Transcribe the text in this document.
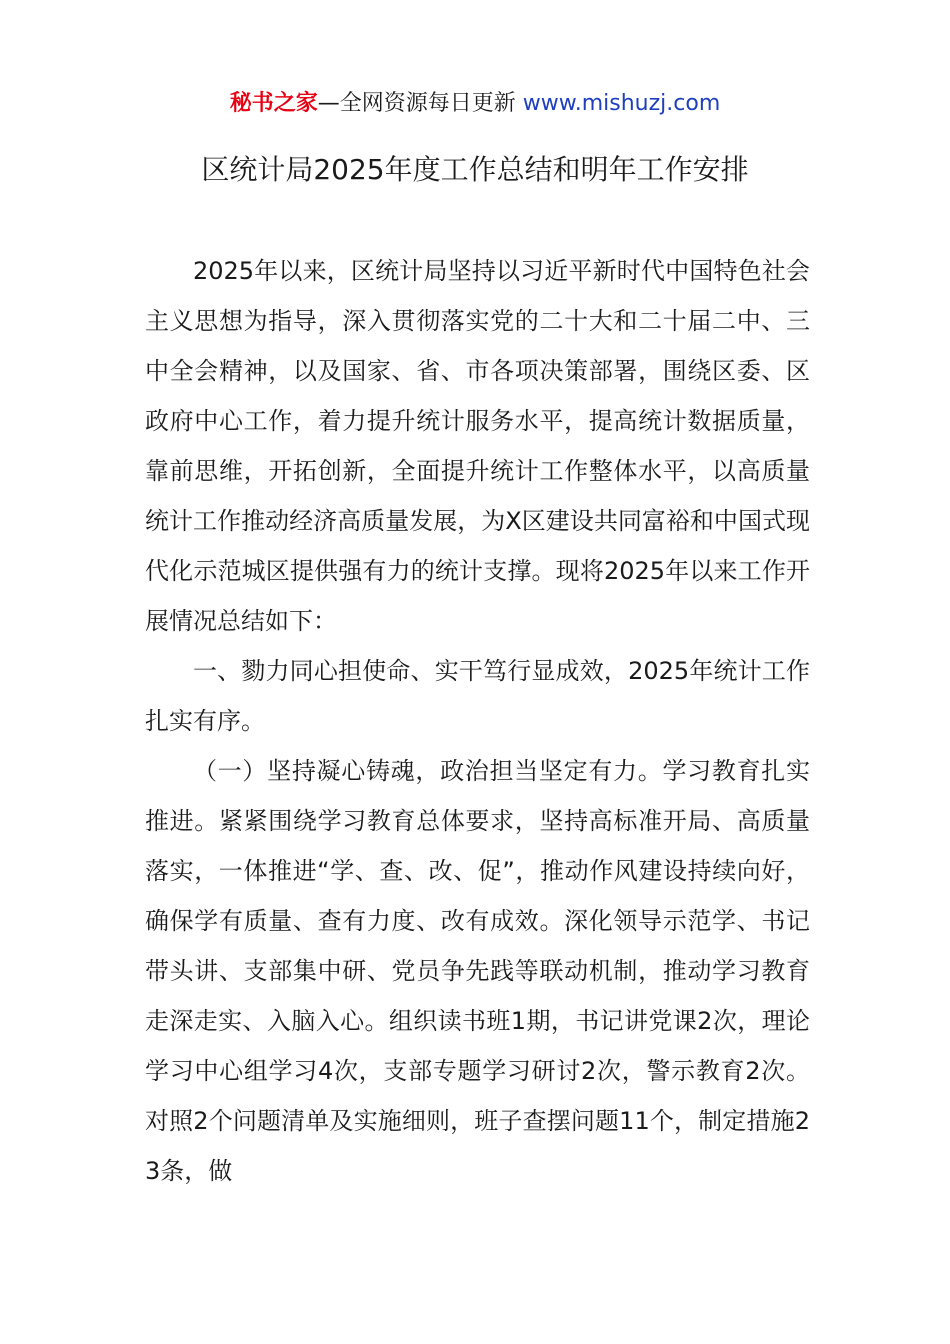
秘书之家—全网资源每日更新 www.mishuzj.com
区统计局2025年度工作总结和明年工作安排

2025年以来，区统计局坚持以习近平新时代中国特色社会主义思想为指导，深入贯彻落实党的二十大和二十届二中、三中全会精神，以及国家、省、市各项决策部署，围绕区委、区政府中心工作，着力提升统计服务水平，提高统计数据质量，靠前思维，开拓创新，全面提升统计工作整体水平，以高质量统计工作推动经济高质量发展，为X区建设共同富裕和中国式现代化示范城区提供强有力的统计支撑。现将2025年以来工作开展情况总结如下：

一、勠力同心担使命、实干笃行显成效，2025年统计工作扎实有序。

（一）坚持凝心铸魂，政治担当坚定有力。学习教育扎实推进。紧紧围绕学习教育总体要求，坚持高标准开局、高质量落实，一体推进“学、查、改、促”，推动作风建设持续向好，确保学有质量、查有力度、改有成效。深化领导示范学、书记带头讲、支部集中研、党员争先践等联动机制，推动学习教育走深走实、入脑入心。组织读书班1期，书记讲党课2次，理论学习中心组学习4次，支部专题学习研讨2次，警示教育2次。对照2个问题清单及实施细则，班子查摆问题11个，制定措施23条，做
